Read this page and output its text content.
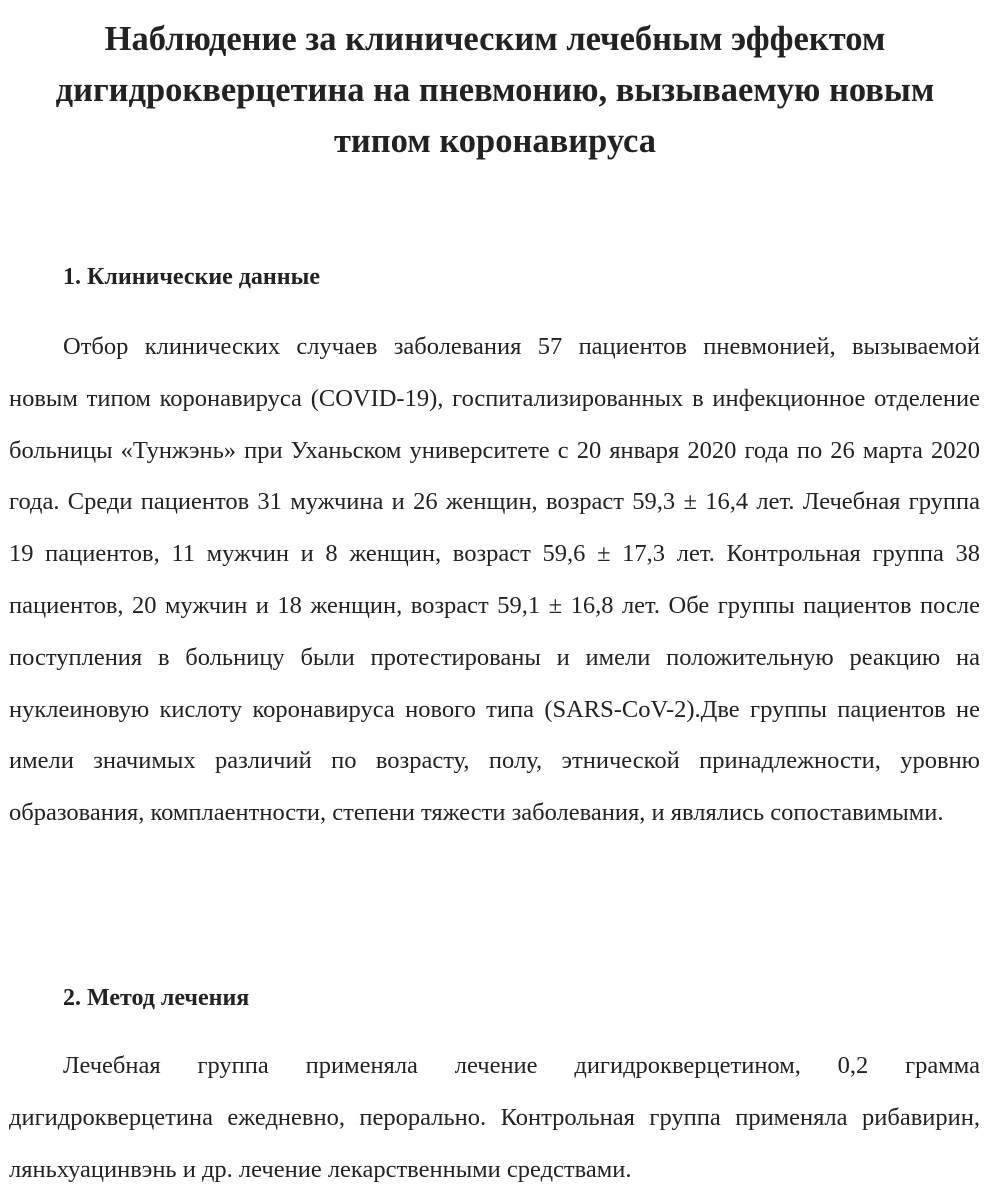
Наблюдение за клиническим лечебным эффектом дигидрокверцетина на пневмонию, вызываемую новым типом коронавируса
1. Клинические данные

Отбор клинических случаев заболевания 57 пациентов пневмонией, вызываемой новым типом коронавируса (COVID-19), госпитализированных в инфекционное отделение больницы «Тунжэнь» при Уханьском университете с 20 января 2020 года по 26 марта 2020 года. Среди пациентов 31 мужчина и 26 женщин, возраст 59,3 ± 16,4 лет. Лечебная группа 19 пациентов, 11 мужчин и 8 женщин, возраст 59,6 ± 17,3 лет. Контрольная группа 38 пациентов, 20 мужчин и 18 женщин, возраст 59,1 ± 16,8 лет. Обе группы пациентов после поступления в больницу были протестированы и имели положительную реакцию на нуклеиновую кислоту коронавируса нового типа (SARS-CoV-2).Две группы пациентов не имели значимых различий по возрасту, полу, этнической принадлежности, уровню образования, комплаентности, степени тяжести заболевания, и являлись сопоставимыми.

2. Метод лечения

Лечебная группа применяла лечение дигидрокверцетином, 0,2 грамма дигидрокверцетина ежедневно, перорально. Контрольная группа применяла рибавирин, ляньхуацинвэнь и др. лечение лекарственными средствами.
